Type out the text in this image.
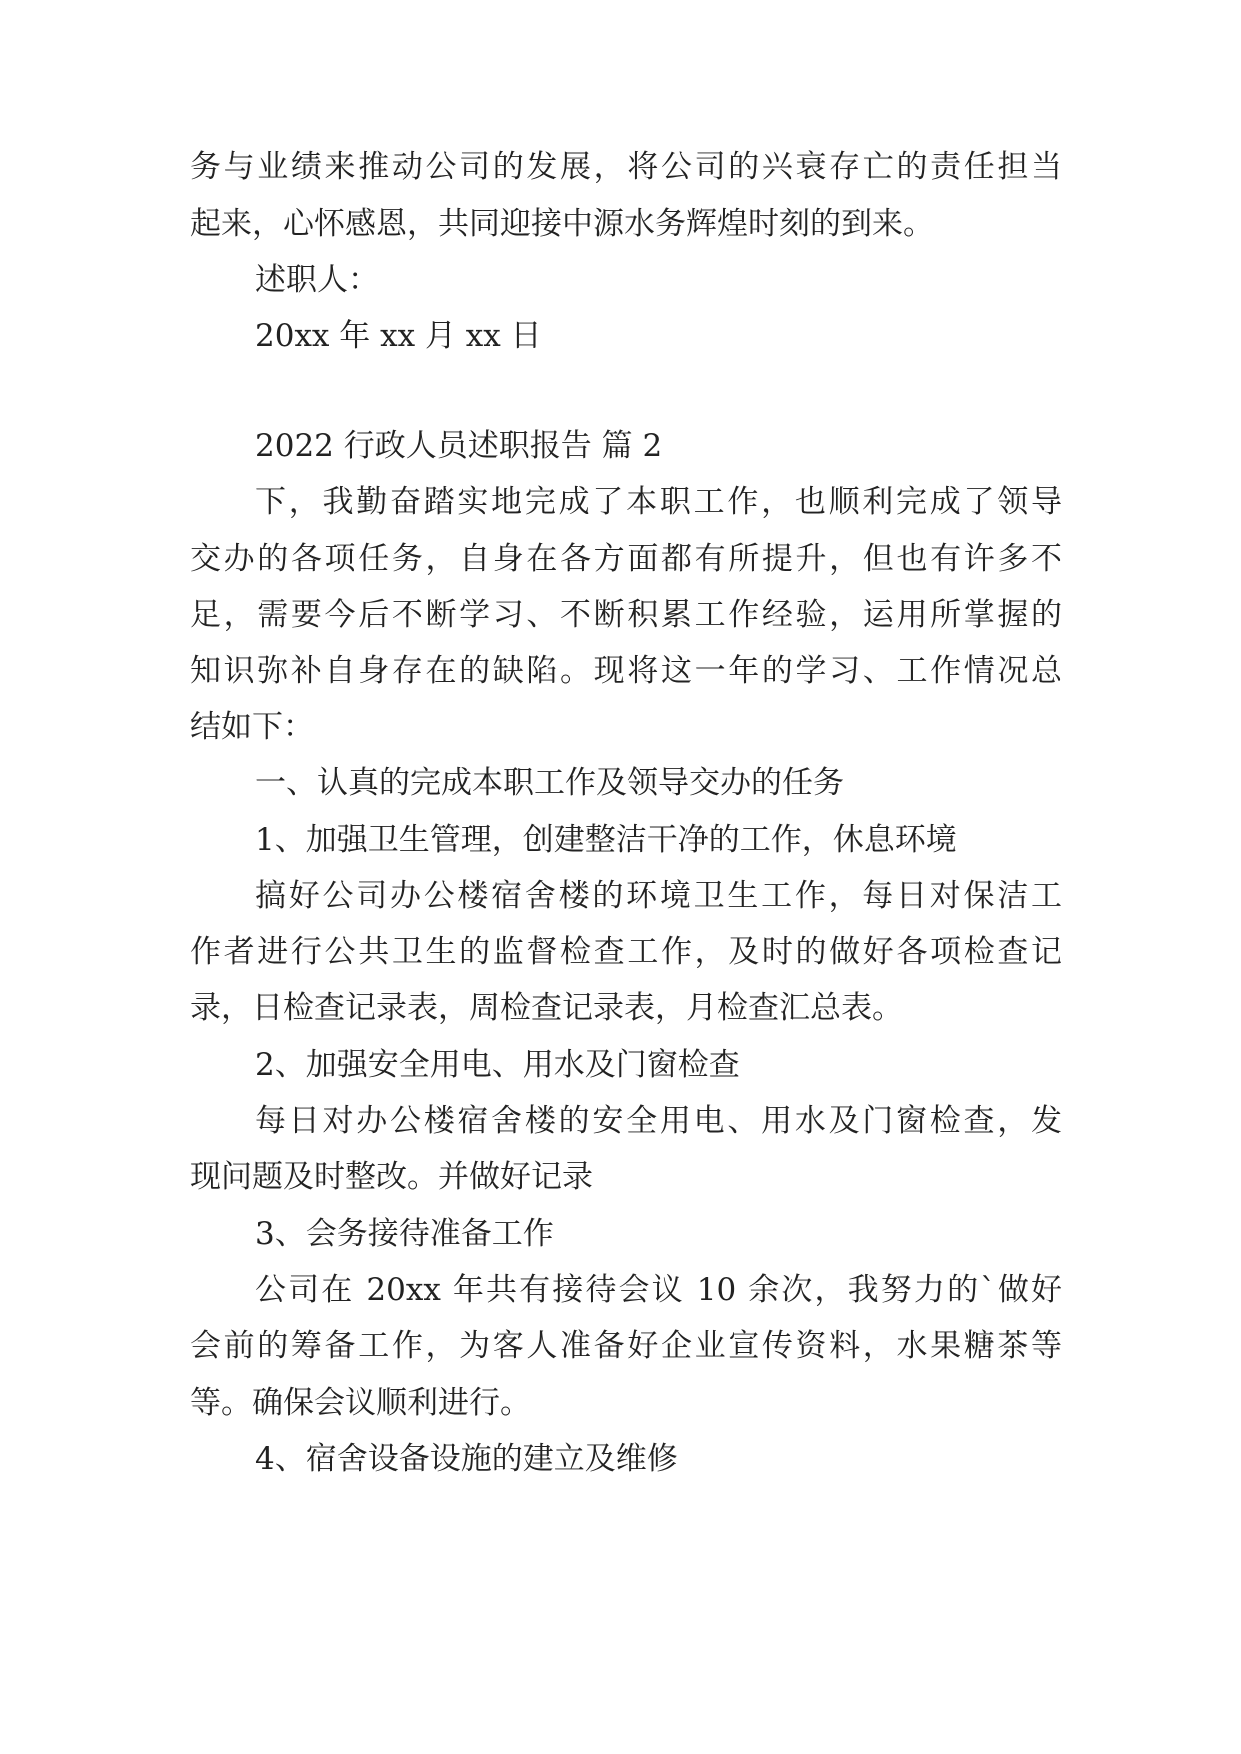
务与业绩来推动公司的发展，将公司的兴衰存亡的责任担当
起来，心怀感恩，共同迎接中源水务辉煌时刻的到来。
述职人：
20xx 年 xx 月 xx 日
2022 行政人员述职报告 篇 2
下，我勤奋踏实地完成了本职工作，也顺利完成了领导
交办的各项任务，自身在各方面都有所提升，但也有许多不
足，需要今后不断学习、不断积累工作经验，运用所掌握的
知识弥补自身存在的缺陷。现将这一年的学习、工作情况总
结如下：
一、认真的完成本职工作及领导交办的任务
1、加强卫生管理，创建整洁干净的工作，休息环境
搞好公司办公楼宿舍楼的环境卫生工作，每日对保洁工
作者进行公共卫生的监督检查工作，及时的做好各项检查记
录，日检查记录表，周检查记录表，月检查汇总表。
2、加强安全用电、用水及门窗检查
每日对办公楼宿舍楼的安全用电、用水及门窗检查，发
现问题及时整改。并做好记录
3、会务接待准备工作
公司在 20xx 年共有接待会议 10 余次，我努力的`做好
会前的筹备工作，为客人准备好企业宣传资料，水果糖茶等
等。确保会议顺利进行。
4、宿舍设备设施的建立及维修
